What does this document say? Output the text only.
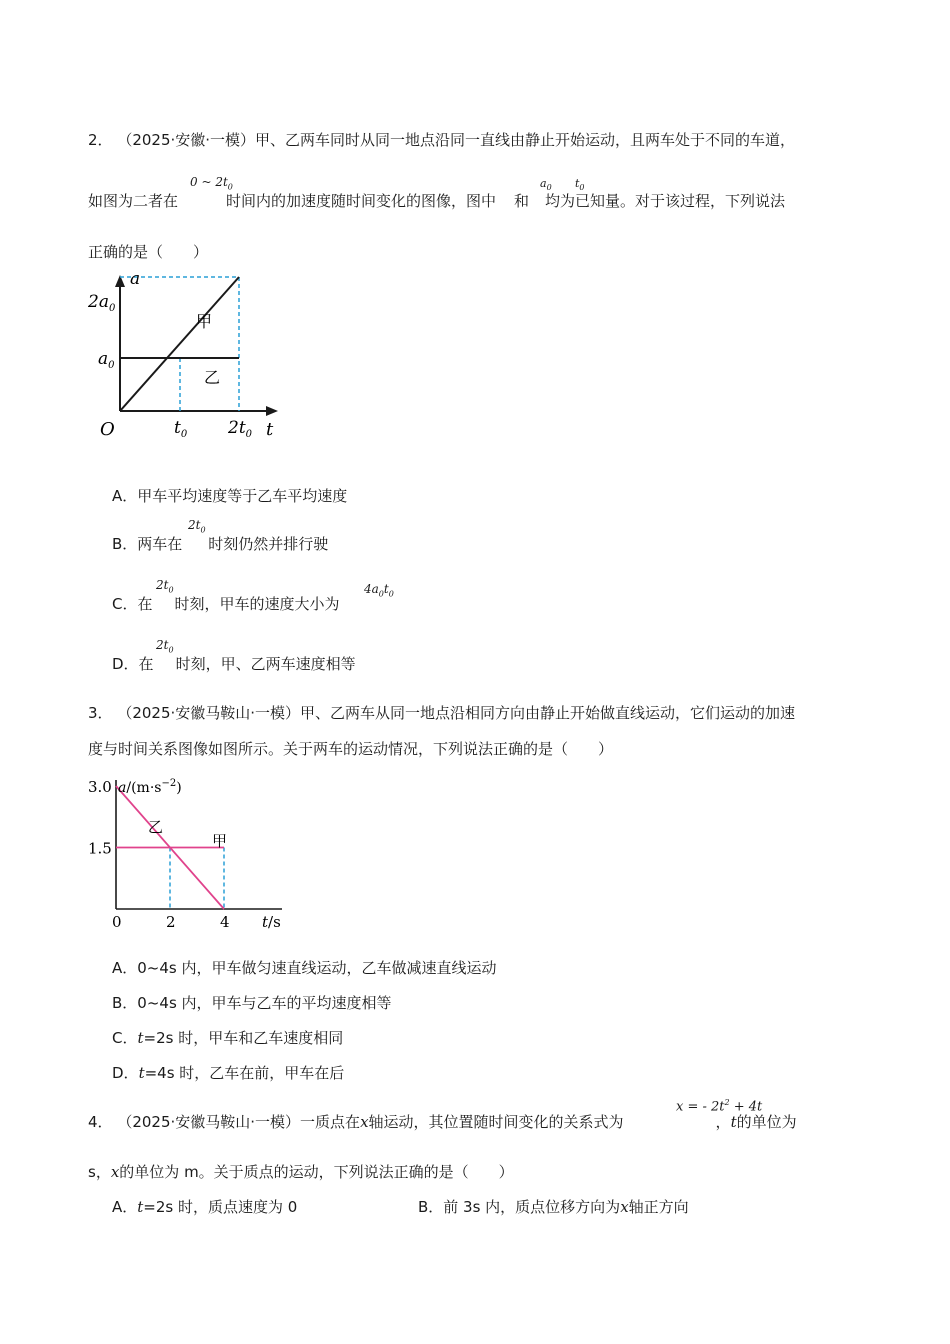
2． （2025·安徽·一模）甲、乙两车同时从同一地点沿同一直线由静止开始运动，且两车处于不同的车道，
如图为二者在	时间内的加速度随时间变化的图像，图中 和 均为已知量。对于该过程，下列说法
0 ~ $2t_0$	$a_0$ $t_0$
正确的是（　　）
a
$2a_0$
$a_0$
O	$t_0$ $2t_0$ t
甲
乙
A．甲车平均速度等于乙车平均速度
B．两车在 时刻仍然并排行驶
$2t_0$
C．在 时刻，甲车的速度大小为
$2t_0$	$4a_0t_0$
D．在 时刻，甲、乙两车速度相等
$2t_0$
3． （2025·安徽马鞍山·一模）甲、乙两车从同一地点沿相同方向由静止开始做直线运动，它们运动的加速
度与时间关系图像如图所示。关于两车的运动情况，下列说法正确的是（　　）
0	2	4
3.0
1.5
$a/(m\cdot s^{-2})$
t/s
乙
甲
A．0~4s 内，甲车做匀速直线运动，乙车做减速直线运动
B．0~4s 内，甲车与乙车的平均速度相等
C．t=2s 时，甲车和乙车速度相同
D．t=4s 时，乙车在前，甲车在后
4． （2025·安徽马鞍山·一模）一质点在x轴运动，其位置随时间变化的关系式为	，t的单位为
x = - $2t^2 + 4t$
s，x的单位为 m。关于质点的运动，下列说法正确的是（　　）
A．t=2s 时，质点速度为 0	B．前 3s 内，质点位移方向为x轴正方向
